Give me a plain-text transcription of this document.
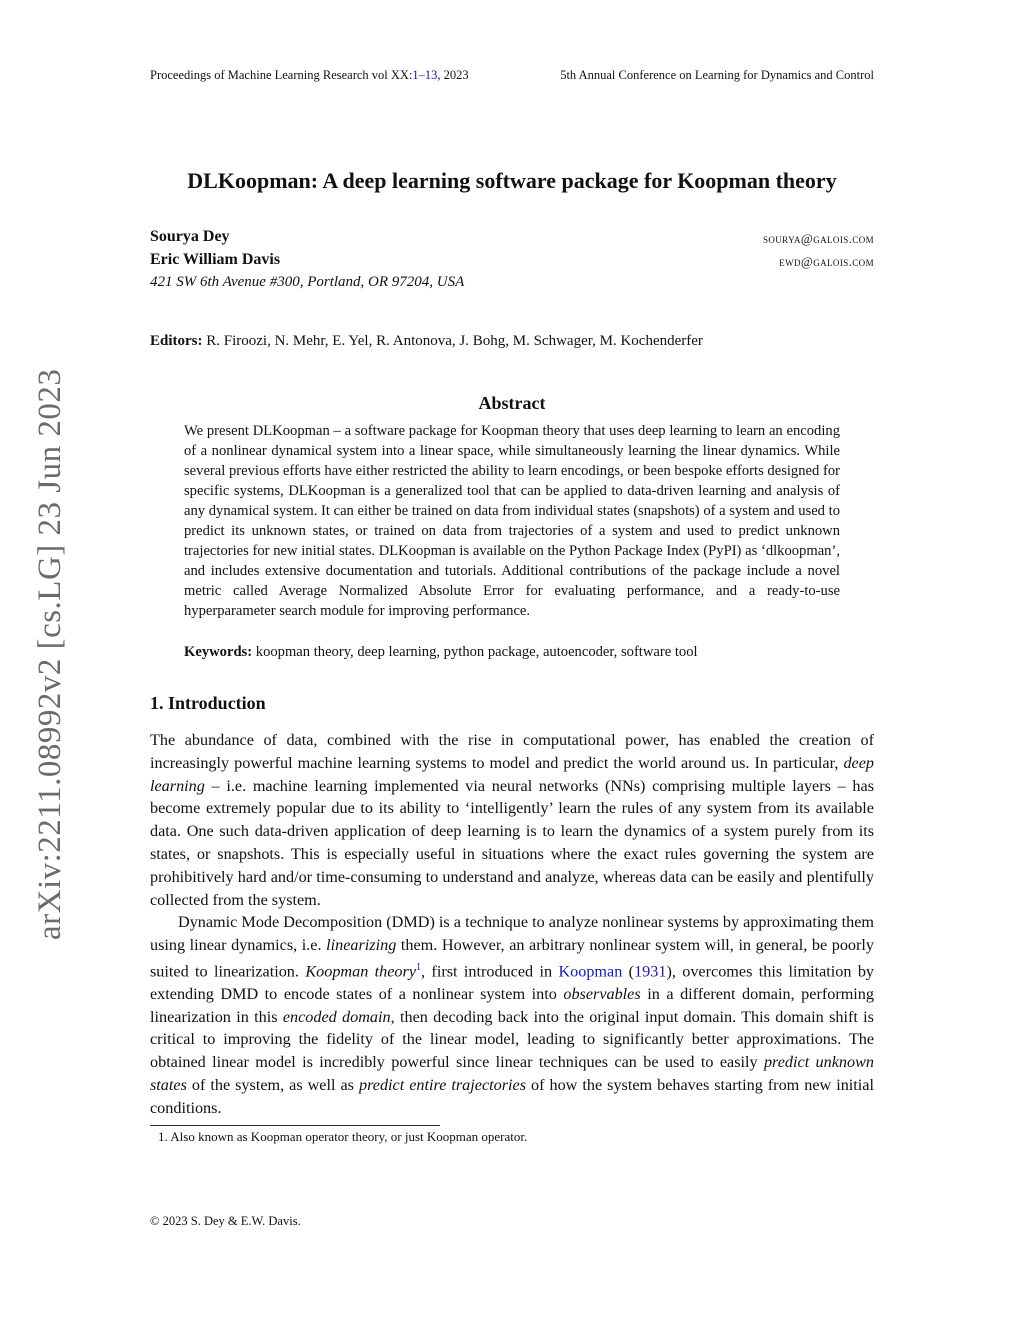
Proceedings of Machine Learning Research vol XX:1–13, 2023	5th Annual Conference on Learning for Dynamics and Control
arXiv:2211.08992v2 [cs.LG] 23 Jun 2023
DLKoopman: A deep learning software package for Koopman theory
Sourya Dey	sourya@galois.com
Eric William Davis	ewd@galois.com
421 SW 6th Avenue #300, Portland, OR 97204, USA
Editors: R. Firoozi, N. Mehr, E. Yel, R. Antonova, J. Bohg, M. Schwager, M. Kochenderfer
Abstract
We present DLKoopman – a software package for Koopman theory that uses deep learning to learn an encoding of a nonlinear dynamical system into a linear space, while simultaneously learning the linear dynamics. While several previous efforts have either restricted the ability to learn encodings, or been bespoke efforts designed for specific systems, DLKoopman is a generalized tool that can be applied to data-driven learning and analysis of any dynamical system. It can either be trained on data from individual states (snapshots) of a system and used to predict its unknown states, or trained on data from trajectories of a system and used to predict unknown trajectories for new initial states. DLKoopman is available on the Python Package Index (PyPI) as ‘dlkoopman’, and includes extensive documentation and tutorials. Additional contributions of the package include a novel metric called Average Normalized Absolute Error for evaluating performance, and a ready-to-use hyperparameter search module for improving performance.
Keywords: koopman theory, deep learning, python package, autoencoder, software tool
1. Introduction
The abundance of data, combined with the rise in computational power, has enabled the creation of increasingly powerful machine learning systems to model and predict the world around us. In particular, deep learning – i.e. machine learning implemented via neural networks (NNs) comprising multiple layers – has become extremely popular due to its ability to ‘intelligently’ learn the rules of any system from its available data. One such data-driven application of deep learning is to learn the dynamics of a system purely from its states, or snapshots. This is especially useful in situations where the exact rules governing the system are prohibitively hard and/or time-consuming to understand and analyze, whereas data can be easily and plentifully collected from the system.
Dynamic Mode Decomposition (DMD) is a technique to analyze nonlinear systems by approximating them using linear dynamics, i.e. linearizing them. However, an arbitrary nonlinear system will, in general, be poorly suited to linearization. Koopman theory$^1$, first introduced in Koopman (1931), overcomes this limitation by extending DMD to encode states of a nonlinear system into observables in a different domain, performing linearization in this encoded domain, then decoding back into the original input domain. This domain shift is critical to improving the fidelity of the linear model, leading to significantly better approximations. The obtained linear model is incredibly powerful since linear techniques can be used to easily predict unknown states of the system, as well as predict entire trajectories of how the system behaves starting from new initial conditions.
1. Also known as Koopman operator theory, or just Koopman operator.
© 2023 S. Dey & E.W. Davis.
